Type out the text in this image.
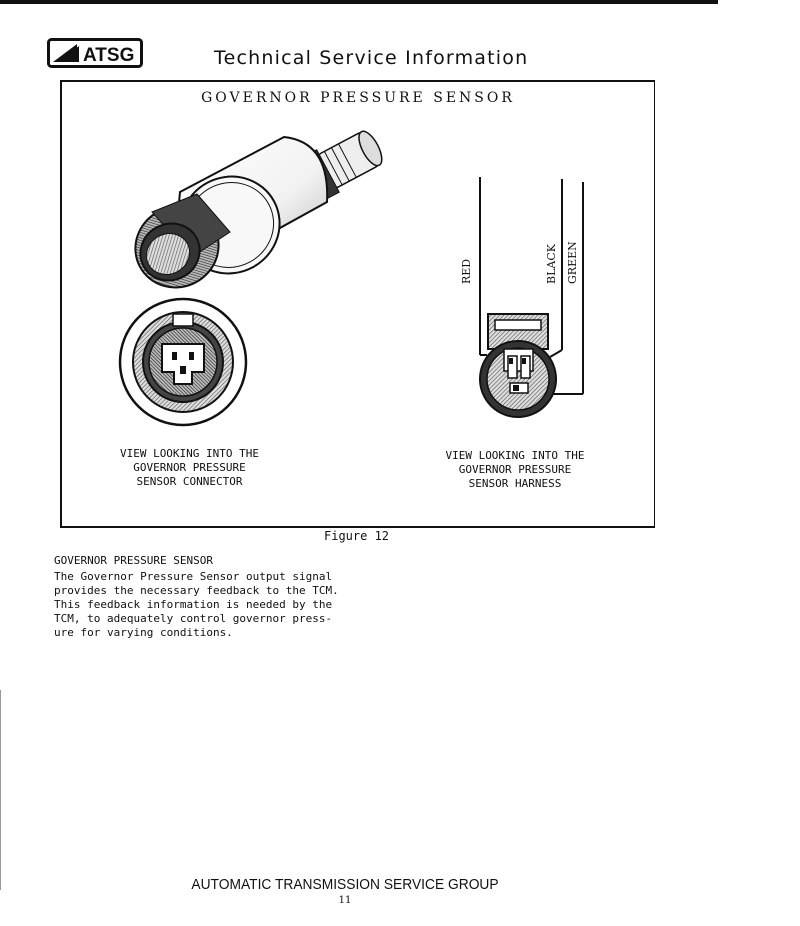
ATSG	Technical Service Information
GOVERNOR PRESSURE SENSOR
RED	BLACK GREEN
VIEW LOOKING INTO THE
GOVERNOR PRESSURE
SENSOR CONNECTOR
VIEW LOOKING INTO THE
GOVERNOR PRESSURE
SENSOR HARNESS
Figure 12
GOVERNOR PRESSURE SENSOR
The Governor Pressure Sensor output signal
provides the necessary feedback to the TCM.
This feedback information is needed by the
TCM, to adequately control governor press-
ure for varying conditions.
AUTOMATIC TRANSMISSION SERVICE GROUP
11
